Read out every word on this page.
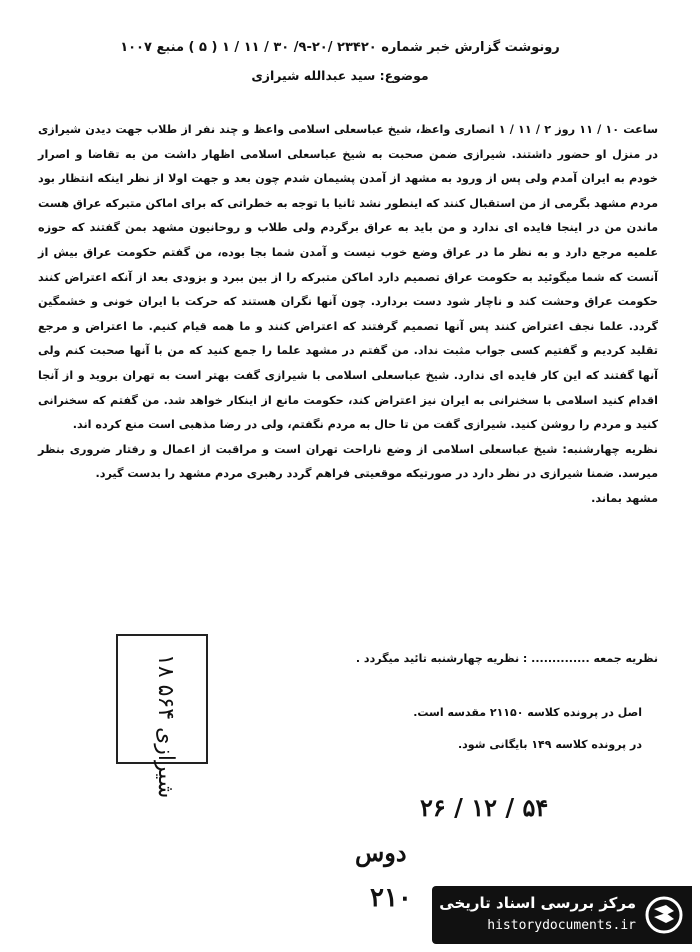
رونوشت گزارش خبر شماره ۲۳۴۲۰ /۲۰-۹/ ۳۰ / ۱۱ / ۱ ( ۵ ) منبع ۱۰۰۷
موضوع: سید عبدالله شیرازی

ساعت ۱۰ / ۱۱ روز ۲ / ۱۱ / ۱ انصاری واعظ، شیخ عباسعلی اسلامی واعظ و چند نفر از طلاب جهت دیدن شیرازی در منزل او حضور داشتند. شیرازی ضمن صحبت به شیخ عباسعلی اسلامی اظهار داشت من به تقاضا و اصرار خودم به ایران آمدم ولی پس از ورود به مشهد از آمدن پشیمان شدم چون بعد و جهت اولا از نظر اینکه انتظار بود مردم مشهد بگرمی از من استقبال کنند که اینطور نشد ثانیا با توجه به خطراتی که برای اماکن متبرکه عراق هست ماندن من در اینجا فایده ای ندارد و من باید به عراق برگردم ولی طلاب و روحانیون مشهد بمن گفتند که حوزه علمیه مرجع دارد و به نظر ما در عراق وضع خوب نیست و آمدن شما بجا بوده، من گفتم حکومت عراق بیش از آنست که شما میگوئید به حکومت عراق تصمیم دارد اماکن متبرکه را از بین ببرد و بزودی بعد از آنکه اعتراض کنند حکومت عراق وحشت کند و ناچار شود دست بردارد. چون آنها نگران هستند که حرکت با ایران خونی و خشمگین گردد. علما نجف اعتراض کنند پس آنها تصمیم گرفتند که اعتراض کنند و ما همه قیام کنیم. ما اعتراض و مرجع تقلید کردیم و گفتیم کسی جواب مثبت نداد. من گفتم در مشهد علما را جمع کنید که من با آنها صحبت کنم ولی آنها گفتند که این کار فایده ای ندارد. شیخ عباسعلی اسلامی با شیرازی گفت بهتر است به تهران بروید و از آنجا اقدام کنید اسلامی با سخنرانی به ایران نیز اعتراض کند، حکومت مانع از اینکار خواهد شد. من گفتم که سخنرانی کنید و مردم را روشن کنید. شیرازی گفت من تا حال به مردم نگفتم، ولی در رضا مذهبی است منع کرده اند.

نظریه چهارشنبه: شیخ عباسعلی اسلامی از وضع ناراحت تهران است و مراقبت از اعمال و رفتار ضروری بنظر میرسد. ضمنا شیرازی در نظر دارد در صورتیکه موقعیتی فراهم گردد رهبری مردم مشهد را بدست گیرد.

مشهد بماند.

نظریه جمعه .............. : نظریه چهارشنبه تائید میگردد .
اصل در پرونده کلاسه ۲۱۱۵۰ مقدسه است.
در پرونده کلاسه ۱۴۹ بایگانی شود.
شیرازی ۵۶۴ ۱۸
۵۴ / ۱۲ / ۲۶
دوس
۲۱۰ مرکز بررسی اسناد تاریخی
historydocuments.ir
